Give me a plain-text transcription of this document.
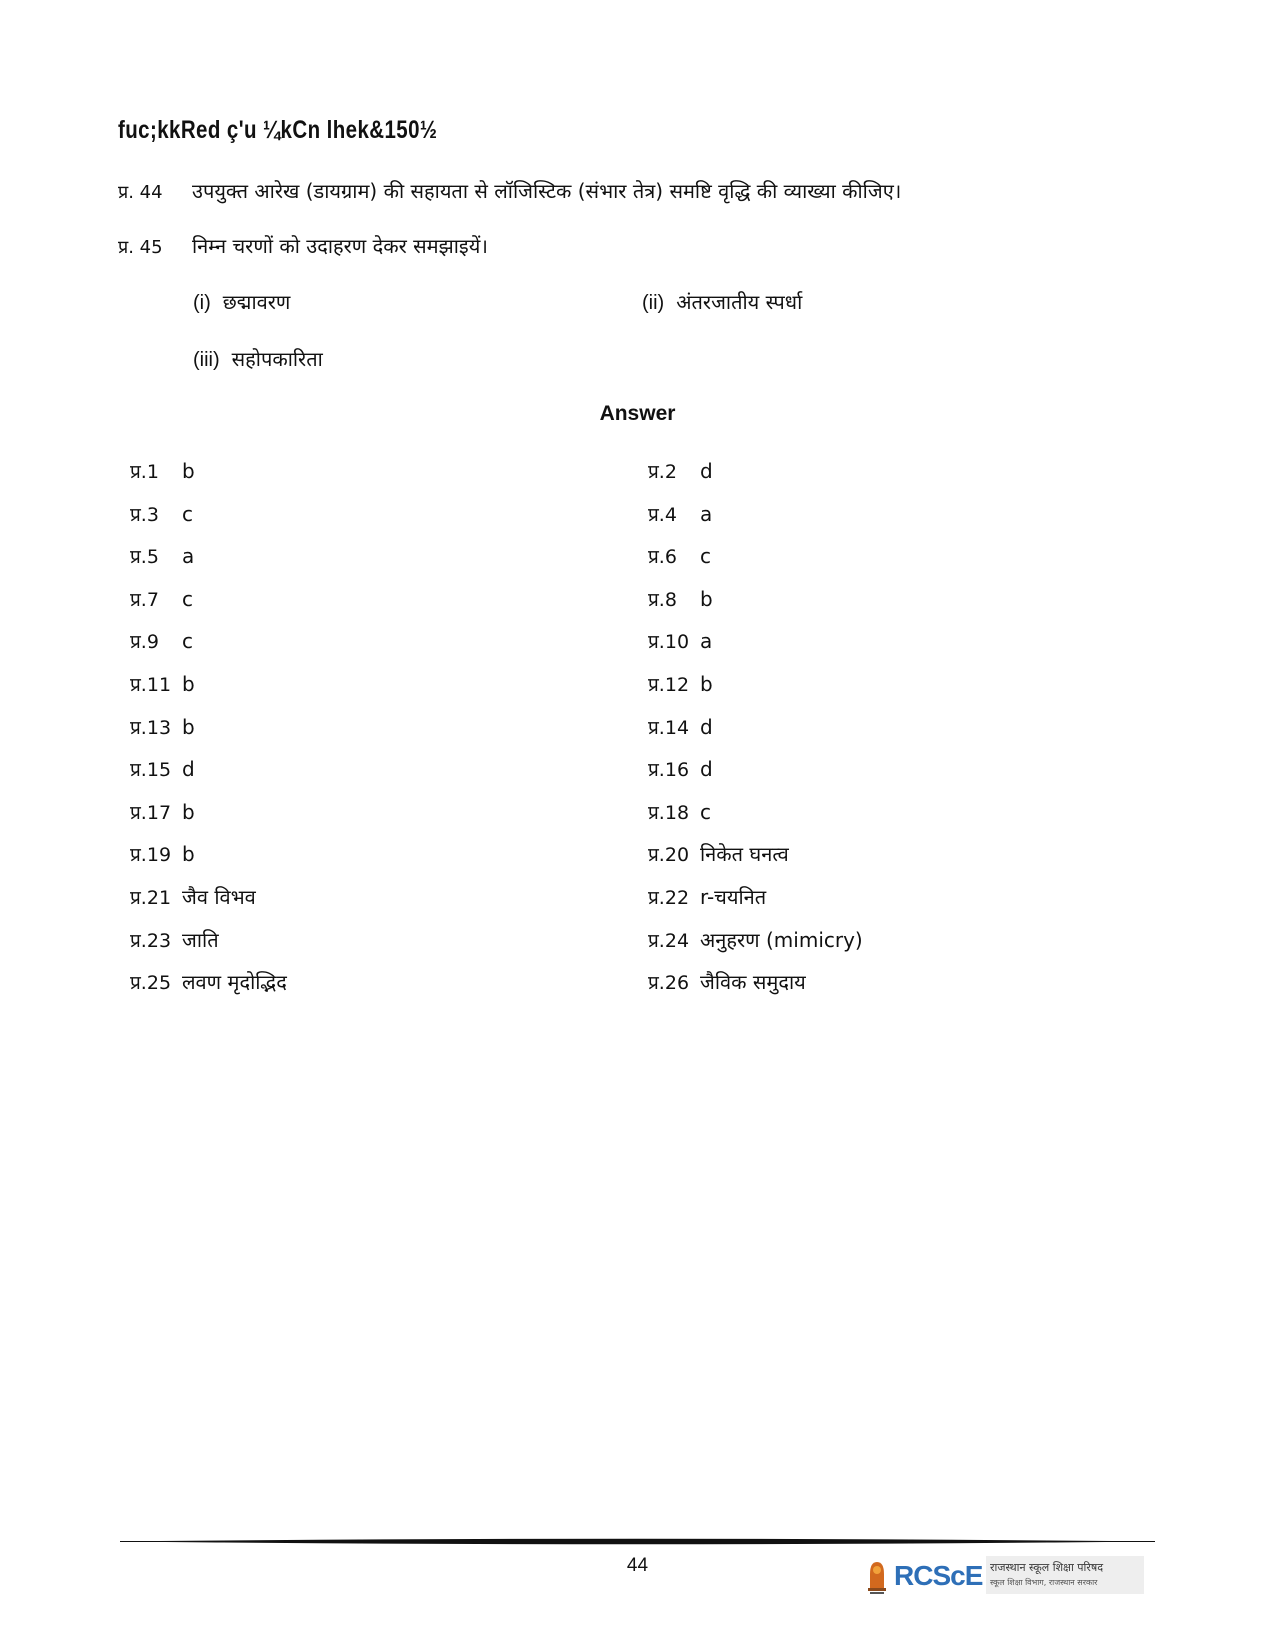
fuc;kkRed ç'u ¼kCn lhek&150½
प्र. 44 उपयुक्त आरेख (डायग्राम) की सहायता से लॉजिस्टिक (संभार तेत्र) समष्टि वृद्धि की व्याख्या कीजिए।
प्र. 45 निम्न चरणों को उदाहरण देकर समझाइयें।
(i) छद्मावरण	(ii) अंतरजातीय स्पर्धा
(iii) सहोपकारिता
Answer
प्र.1 b
प्र.3 c
प्र.5 a
प्र.7 c
प्र.9 c
प्र.11 b
प्र.13 b
प्र.15 d
प्र.17 b
प्र.19 b
प्र.21 जैव विभव
प्र.23 जाति
प्र.25 लवण मृदोद्भिद
प्र.2 d
प्र.4 a
प्र.6 c
प्र.8 b
प्र.10 a
प्र.12 b
प्र.14 d
प्र.16 d
प्र.18 c
प्र.20 निकेत घनत्व
प्र.22 r-चयनित
प्र.24 अनुहरण (mimicry)
प्र.26 जैविक समुदाय
44	RCScE राजस्थान स्कूल शिक्षा परिषद
स्कूल शिक्षा विभाग, राजस्थान सरकार
